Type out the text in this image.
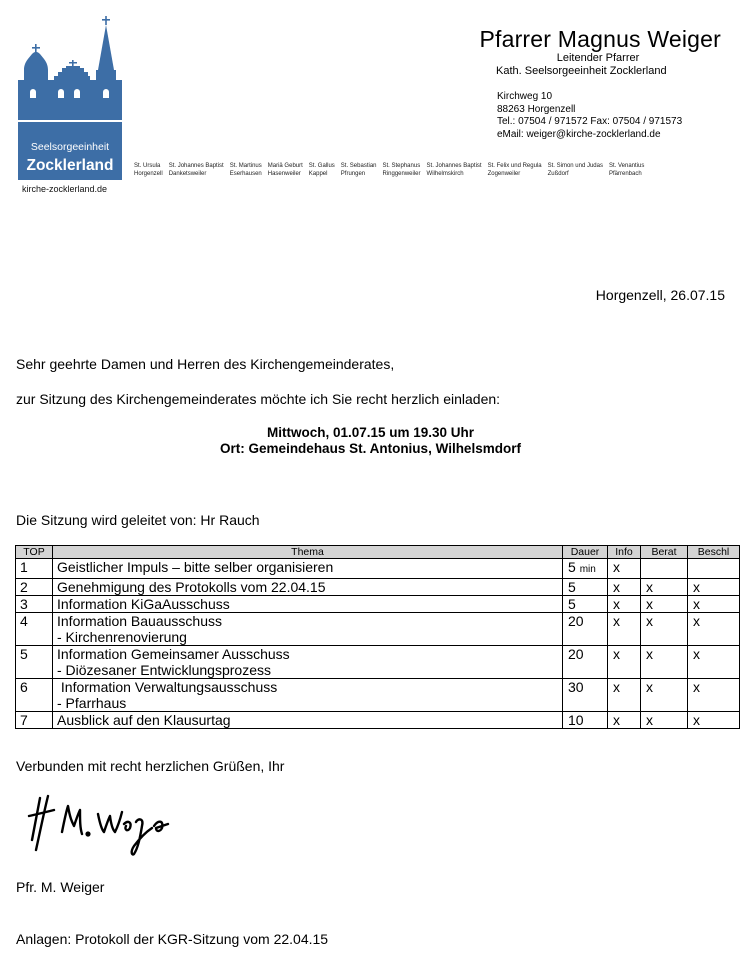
Seelsorgeeinheit
Zocklerland
kirche-zocklerland.de
Pfarrer Magnus Weiger
Leitender Pfarrer
Kath. Seelsorgeeinheit Zocklerland
Kirchweg 10
88263 Horgenzell
Tel.: 07504 / 971572 Fax: 07504 / 971573
eMail: weiger@kirche-zocklerland.de
St. Ursula
Horgenzell
St. Johannes Baptist
Danketsweiler
St. Martinus
Eserhausen
Mariä Geburt
Hasenweiler
St. Gallus
Kappel
St. Sebastian
Pfrungen
St. Stephanus
Ringgenweiler
St. Johannes Baptist
Wilhelmskirch
St. Felix und Regula
Zogenweiler
St. Simon und Judas
Zußdorf
St. Venantius
Pfärrenbach
Horgenzell, 26.07.15
Sehr geehrte Damen und Herren des Kirchengemeinderates,
zur Sitzung des Kirchengemeinderates möchte ich Sie recht herzlich einladen:
Mittwoch, 01.07.15 um 19.30 Uhr
Ort: Gemeindehaus St. Antonius, Wilhelsmdorf
Die Sitzung wird geleitet von: Hr Rauch
TOP	Thema	Dauer	Info	Berat	Beschl
1	Geistlicher Impuls – bitte selber organisieren	5 min	x		
2	Genehmigung des Protokolls vom 22.04.15	5	x	x	x
3	Information KiGaAusschuss	5	x	x	x
4	Information Bauausschuss
- Kirchenrenovierung	20	x	x	x
5	Information Gemeinsamer Ausschuss
- Diözesaner Entwicklungsprozess	20	x	x	x
6	Information Verwaltungsausschuss
- Pfarrhaus	30	x	x	x
7	Ausblick auf den Klausurtag	10	x	x	x
Verbunden mit recht herzlichen Grüßen, Ihr
Pfr. M. Weiger
Anlagen: Protokoll der KGR-Sitzung vom 22.04.15
